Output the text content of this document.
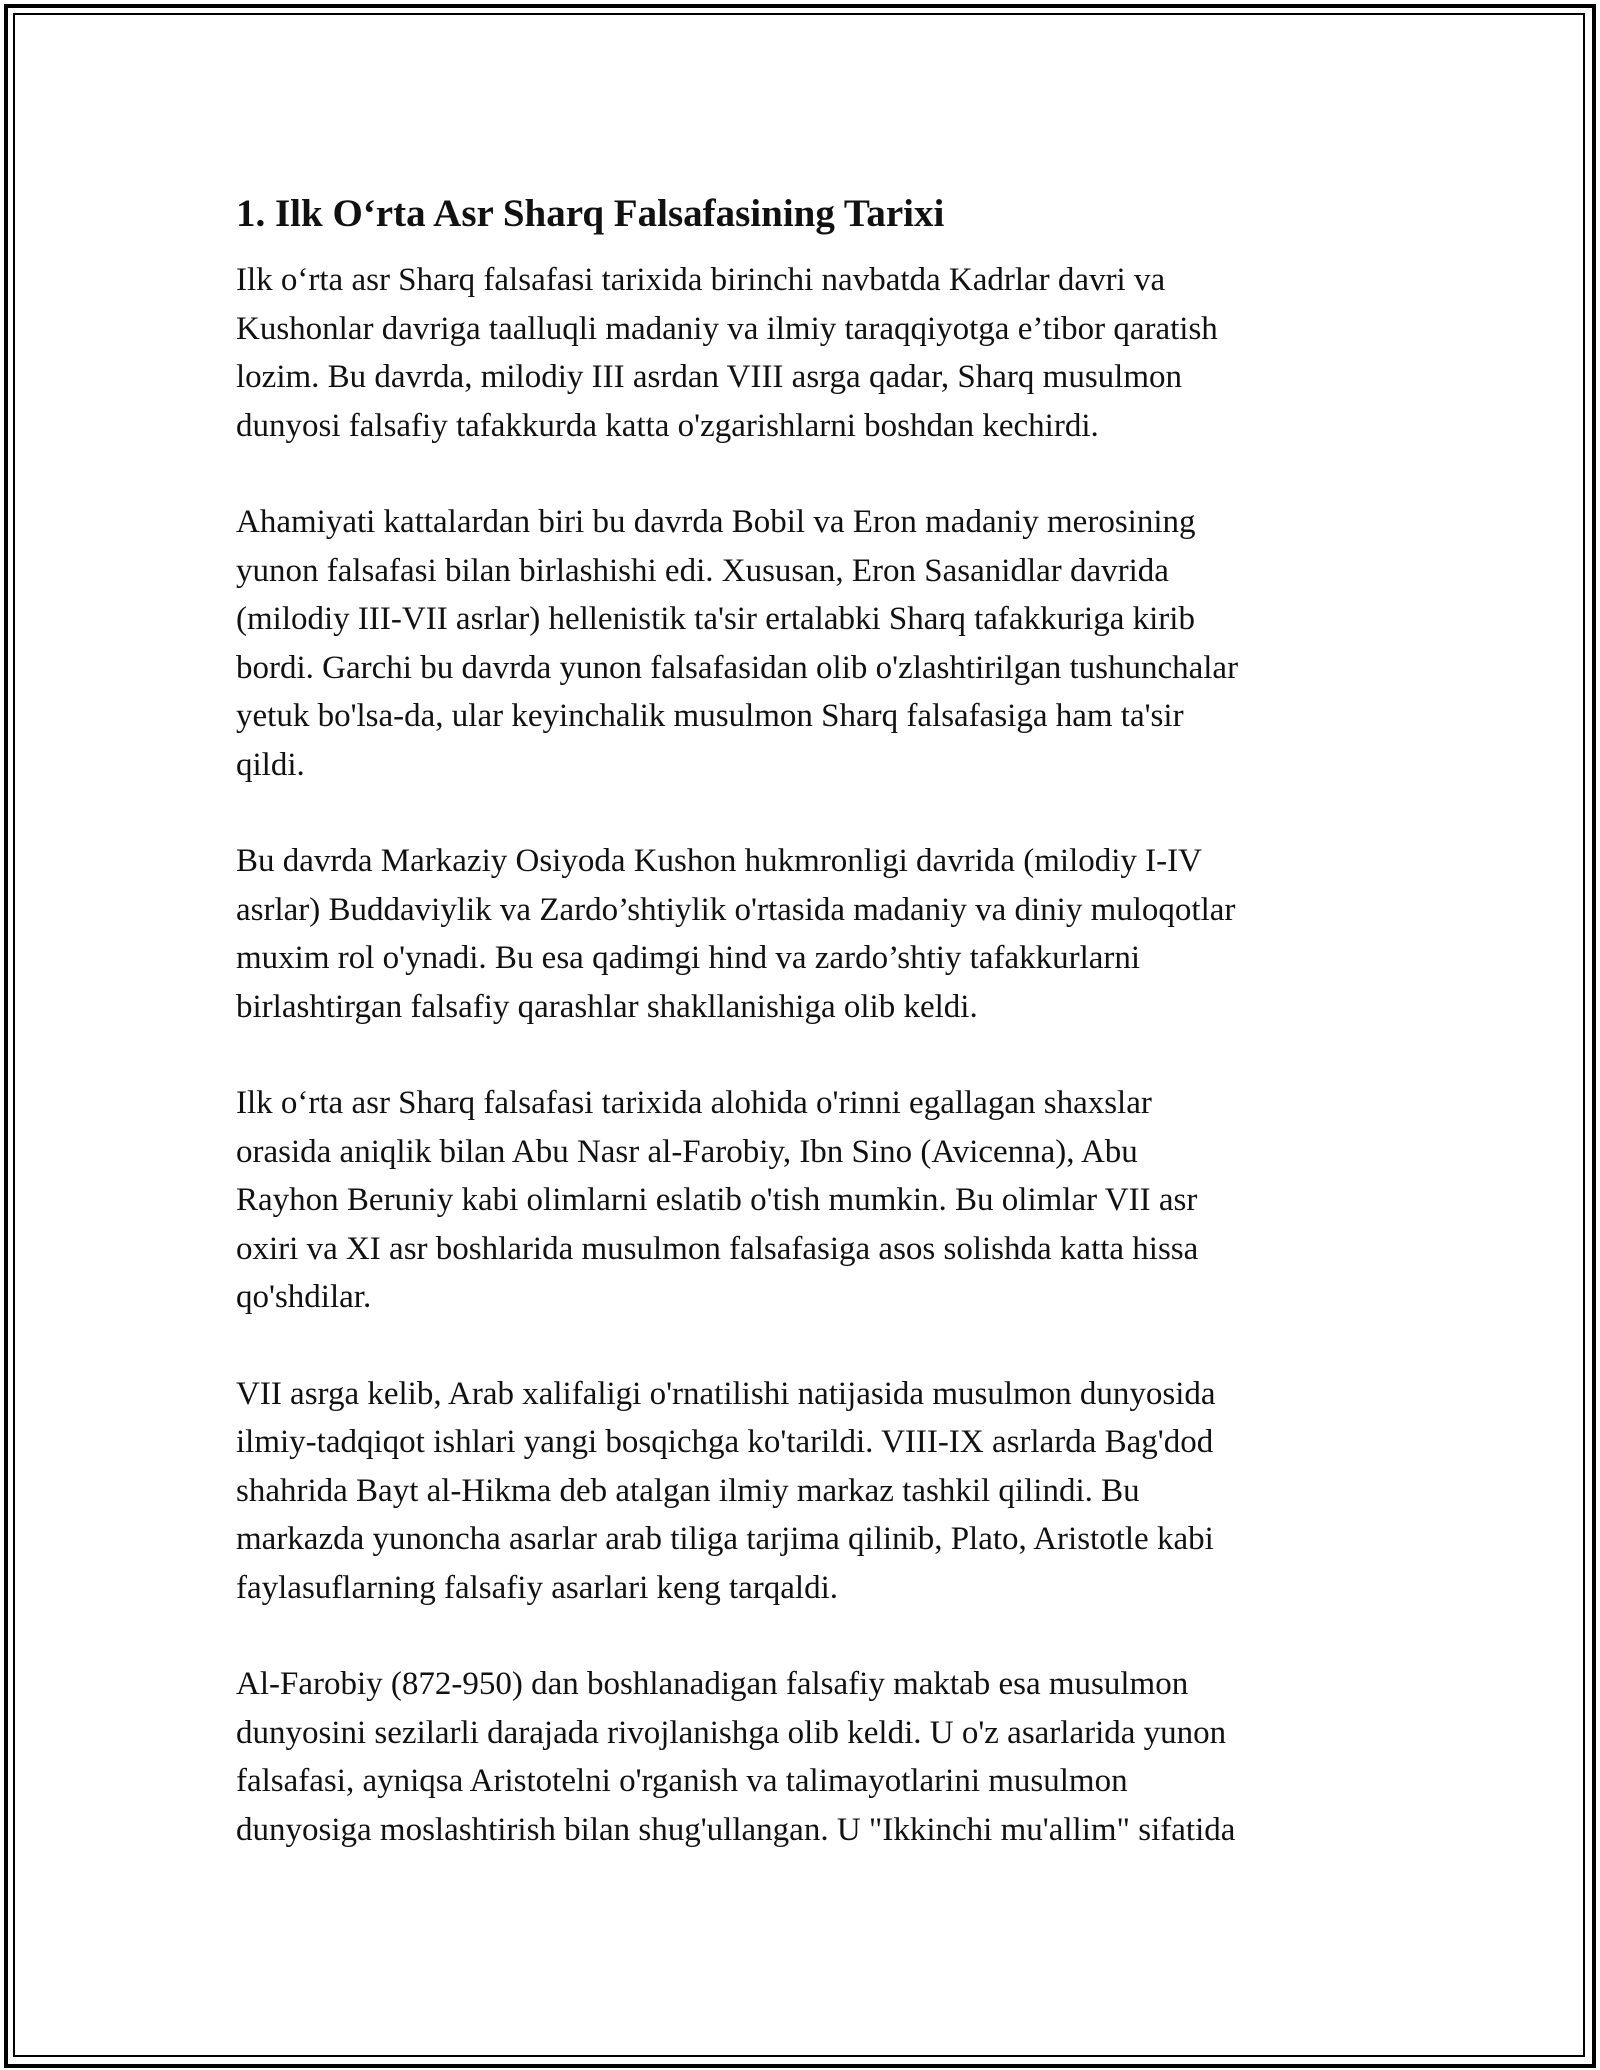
1. Ilk O‘rta Asr Sharq Falsafasining Tarixi

Ilk o‘rta asr Sharq falsafasi tarixida birinchi navbatda Kadrlar davri va
Kushonlar davriga taalluqli madaniy va ilmiy taraqqiyotga e’tibor qaratish
lozim. Bu davrda, milodiy III asrdan VIII asrga qadar, Sharq musulmon
dunyosi falsafiy tafakkurda katta o'zgarishlarni boshdan kechirdi.

Ahamiyati kattalardan biri bu davrda Bobil va Eron madaniy merosining
yunon falsafasi bilan birlashishi edi. Xususan, Eron Sasanidlar davrida
(milodiy III-VII asrlar) hellenistik ta'sir ertalabki Sharq tafakkuriga kirib
bordi. Garchi bu davrda yunon falsafasidan olib o'zlashtirilgan tushunchalar
yetuk bo'lsa-da, ular keyinchalik musulmon Sharq falsafasiga ham ta'sir
qildi.

Bu davrda Markaziy Osiyoda Kushon hukmronligi davrida (milodiy I-IV
asrlar) Buddaviylik va Zardo’shtiylik o'rtasida madaniy va diniy muloqotlar
muxim rol o'ynadi. Bu esa qadimgi hind va zardo’shtiy tafakkurlarni
birlashtirgan falsafiy qarashlar shakllanishiga olib keldi.

Ilk o‘rta asr Sharq falsafasi tarixida alohida o'rinni egallagan shaxslar
orasida aniqlik bilan Abu Nasr al-Farobiy, Ibn Sino (Avicenna), Abu
Rayhon Beruniy kabi olimlarni eslatib o'tish mumkin. Bu olimlar VII asr
oxiri va XI asr boshlarida musulmon falsafasiga asos solishda katta hissa
qo'shdilar.

VII asrga kelib, Arab xalifaligi o'rnatilishi natijasida musulmon dunyosida
ilmiy-tadqiqot ishlari yangi bosqichga ko'tarildi. VIII-IX asrlarda Bag'dod
shahrida Bayt al-Hikma deb atalgan ilmiy markaz tashkil qilindi. Bu
markazda yunoncha asarlar arab tiliga tarjima qilinib, Plato, Aristotle kabi
faylasuflarning falsafiy asarlari keng tarqaldi.

Al-Farobiy (872-950) dan boshlanadigan falsafiy maktab esa musulmon
dunyosini sezilarli darajada rivojlanishga olib keldi. U o'z asarlarida yunon
falsafasi, ayniqsa Aristotelni o'rganish va talimayotlarini musulmon
dunyosiga moslashtirish bilan shug'ullangan. U "Ikkinchi mu'allim" sifatida
